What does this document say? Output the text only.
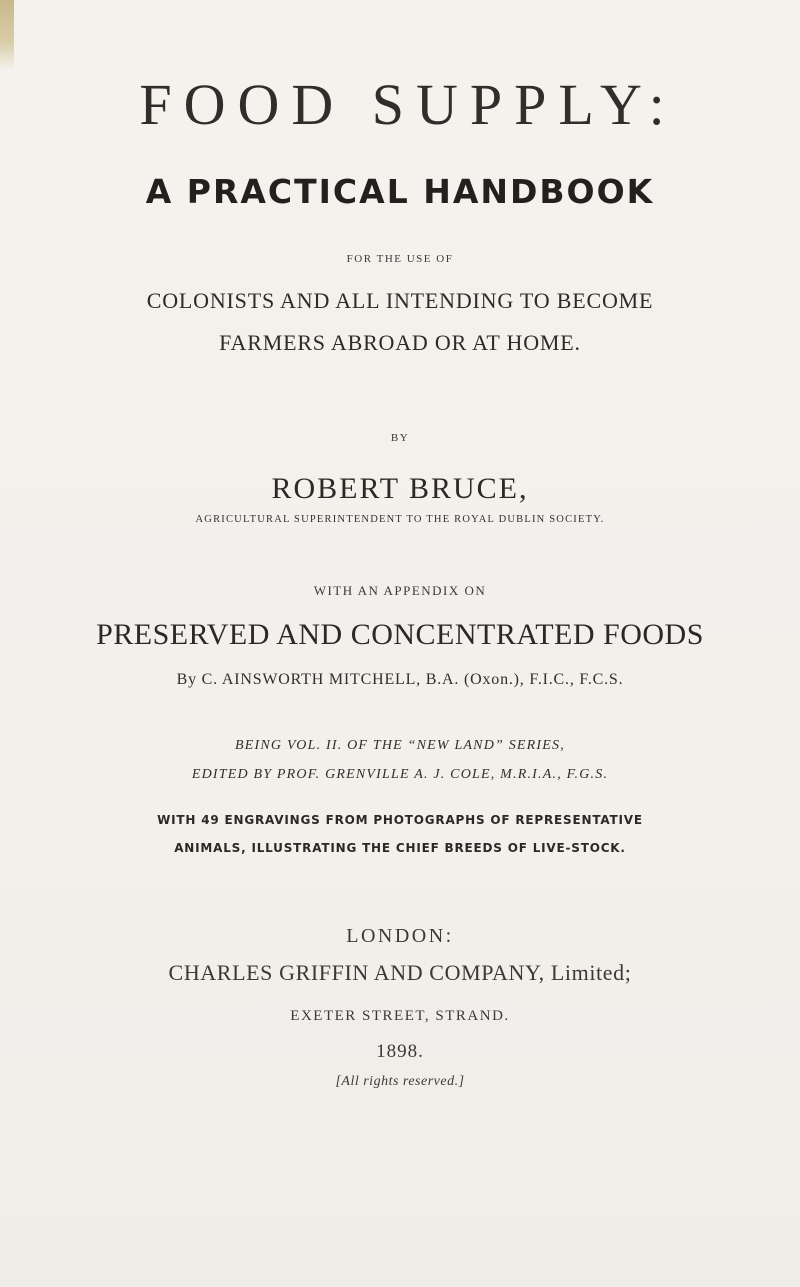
FOOD SUPPLY:
A PRACTICAL HANDBOOK
FOR THE USE OF
COLONISTS AND ALL INTENDING TO BECOME
FARMERS ABROAD OR AT HOME.
BY
ROBERT BRUCE,
AGRICULTURAL SUPERINTENDENT TO THE ROYAL DUBLIN SOCIETY.
WITH AN APPENDIX ON
PRESERVED AND CONCENTRATED FOODS
By C. AINSWORTH MITCHELL, B.A. (Oxon.), F.I.C., F.C.S.
BEING VOL. II. OF THE “NEW LAND” SERIES,
EDITED BY PROF. GRENVILLE A. J. COLE, M.R.I.A., F.G.S.
WITH 49 ENGRAVINGS FROM PHOTOGRAPHS OF REPRESENTATIVE
ANIMALS, ILLUSTRATING THE CHIEF BREEDS OF LIVE-STOCK.
LONDON:
CHARLES GRIFFIN AND COMPANY, Limited;
EXETER STREET, STRAND.
1898.
[All rights reserved.]
